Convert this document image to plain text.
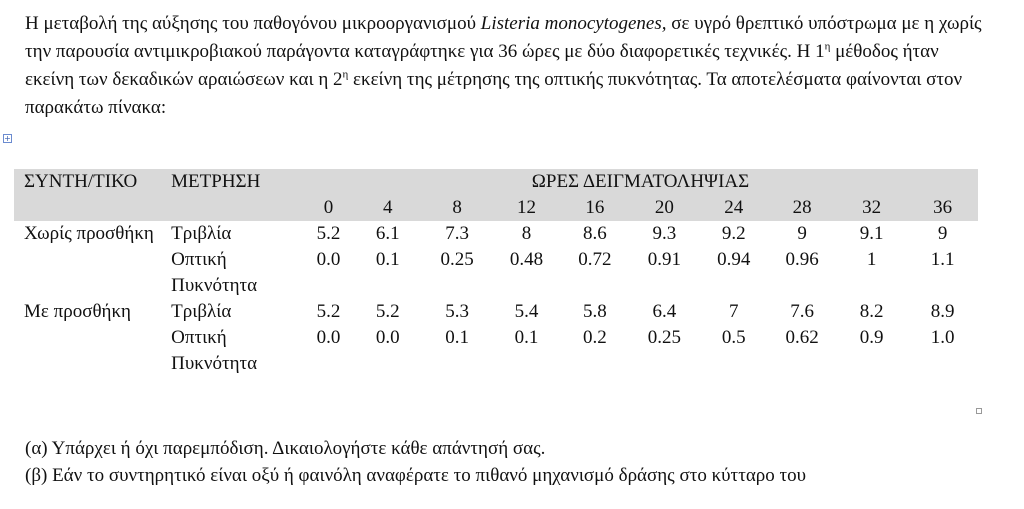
Η μεταβολή της αύξησης του παθογόνου μικροοργανισμού Listeria monocytogenes, σε υγρό θρεπτικό υπόστρωμα με η χωρίς την παρουσία αντιμικροβιακού παράγοντα καταγράφτηκε για 36 ώρες με δύο διαφορετικές τεχνικές. Η $1^\eta$ μέθοδος ήταν εκείνη των δεκαδικών αραιώσεων και η $2^\eta$ εκείνη της μέτρησης της οπτικής πυκνότητας. Τα αποτελέσματα φαίνονται στον παρακάτω πίνακα:

+
ΣΥΝΤΗ/ΤΙΚΟ	ΜΕΤΡΗΣΗ	ΩΡΕΣ ΔΕΙΓΜΑΤΟΛΗΨΙΑΣ									
		0	4	8	12	16	20	24	28	32	36
Χωρίς προσθήκη	Τριβλία	5.2	6.1	7.3	8	8.6	9.3	9.2	9	9.1	9
	Οπτική Πυκνότητα	0.0	0.1	0.25	0.48	0.72	0.91	0.94	0.96	1	1.1
Με προσθήκη	Τριβλία	5.2	5.2	5.3	5.4	5.8	6.4	7	7.6	8.2	8.9
	Οπτική Πυκνότητα	0.0	0.0	0.1	0.1	0.2	0.25	0.5	0.62	0.9	1.0

(α) Υπάρχει ή όχι παρεμπόδιση. Δικαιολογήστε κάθε απάντησή σας.

(β) Εάν το συντηρητικό είναι οξύ ή φαινόλη αναφέρατε το πιθανό μηχανισμό δράσης στο κύτταρο του
